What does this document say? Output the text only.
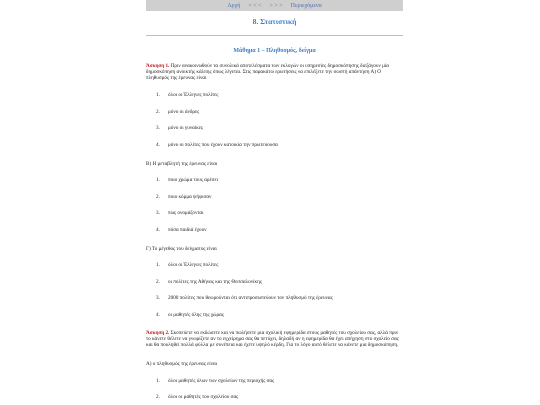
Αρχή < < < > > > Περιεχόμενα
8. Στατιστική
Μάθημα 1 – Πληθυσμός, δείγμα

Άσκηση 1. Πριν ανακοινωθούν τα συνολικά αποτελέσματα των εκλογών οι υπηρεσίες δημοσκόπησης διεξάγουν μία δημοσκόπηση ανοικτής κάλπης όπως λέγεται. Στις παρακάτω ερωτήσεις να επιλέξετε την σωστή απάντηση Α) Ο πληθυσμός της έρευνας είναι

1. όλοι οι Έλληνες πολίτες
2. μόνο οι άνδρες
3. μόνο οι γυναίκες
4. μόνο οι πολίτες που έχουν κατοικία την πρωτεύουσα
Β) Η μεταβλητή της έρευνας είναι
1. ποιο χρώμα τους αρέσει
2. ποιο κόμμα ψήφισαν
3. πως ονομάζονται
4. πόσα παιδιά έχουν
Γ) Το μέγεθος του δείγματος είναι
1. όλοι οι Έλληνες πολίτες
2. οι πολίτες της Αθήνας και της Θεσσαλονίκης
3. 2000 πολίτες που θεωρούνται ότι αντιπροσωπεύουν τον πληθυσμό της έρευνας
4. οι μαθητές όλης της χώρας

Άσκηση 2. Σκοπεύετε να εκδώσετε και να πωλήσετε μια σχολική εφημερίδα στους μαθητές του σχολείου σας, αλλά πριν το κάνετε θέλετε να γνωρίζετε αν το εγχείρημα σας θα πετύχει, δηλαδή αν η εφημερίδα θα έχει απήχηση στο σχολείο σας και θα πουληθεί πολλά φύλλα με συνέπεια και έχετε υψηλό κέρδη. Για το λόγο αυτό θέλετε να κάνετε μια δημοσκόπηση.

Α) ο πληθυσμός της έρευνας είναι
1. όλοι μαθητές όλων των σχολείων της περιοχής σας
2. όλοι οι μαθητές του σχολείου σας
